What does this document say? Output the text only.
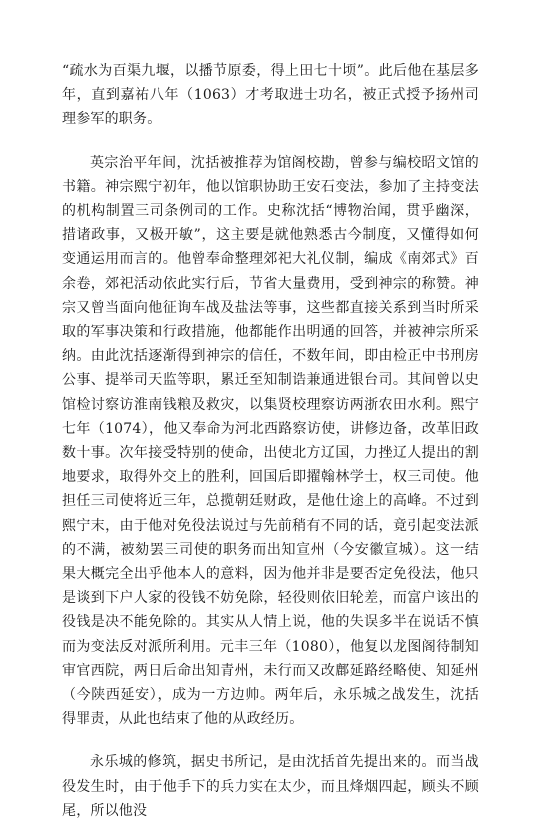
“疏水为百渠九堰，以播节原委，得上田七十顷”。此后他在基层多年，直到嘉祐八年（1063）才考取进士功名，被正式授予扬州司理参军的职务。

英宗治平年间，沈括被推荐为馆阁校勘，曾参与编校昭文馆的书籍。神宗熙宁初年，他以馆职协助王安石变法，参加了主持变法的机构制置三司条例司的工作。史称沈括“博物治闻，贯乎幽深，措诸政事，又极开敏”，这主要是就他熟悉古今制度，又懂得如何变通运用而言的。他曾奉命整理郊祀大礼仪制，编成《南郊式》百余卷，郊祀活动依此实行后，节省大量费用，受到神宗的称赞。神宗又曾当面向他征询车战及盐法等事，这些都直接关系到当时所采取的军事决策和行政措施，他都能作出明通的回答，并被神宗所采纳。由此沈括逐渐得到神宗的信任，不数年间，即由检正中书刑房公事、提举司天监等职，累迁至知制诰兼通进银台司。其间曾以史馆检讨察访淮南钱粮及救灾，以集贤校理察访两浙农田水利。熙宁七年（1074），他又奉命为河北西路察访使，讲修边备，改革旧政数十事。次年接受特别的使命，出使北方辽国，力挫辽人提出的割地要求，取得外交上的胜利，回国后即擢翰林学士，权三司使。他担任三司使将近三年，总揽朝廷财政，是他仕途上的高峰。不过到熙宁末，由于他对免役法说过与先前稍有不同的话，竟引起变法派的不满，被劾罢三司使的职务而出知宣州（今安徽宣城）。这一结果大概完全出乎他本人的意料，因为他并非是要否定免役法，他只是谈到下户人家的役钱不妨免除，轻役则依旧轮差，而富户该出的役钱是决不能免除的。其实从人情上说，他的失误多半在说话不慎而为变法反对派所利用。元丰三年（1080），他复以龙图阁待制知审官西院，两日后命出知青州，未行而又改鄜延路经略使、知延州（今陕西延安），成为一方边帅。两年后，永乐城之战发生，沈括得罪责，从此也结束了他的从政经历。

永乐城的修筑，据史书所记，是由沈括首先提出来的。而当战役发生时，由于他手下的兵力实在太少，而且烽烟四起，顾头不顾尾，所以他没
